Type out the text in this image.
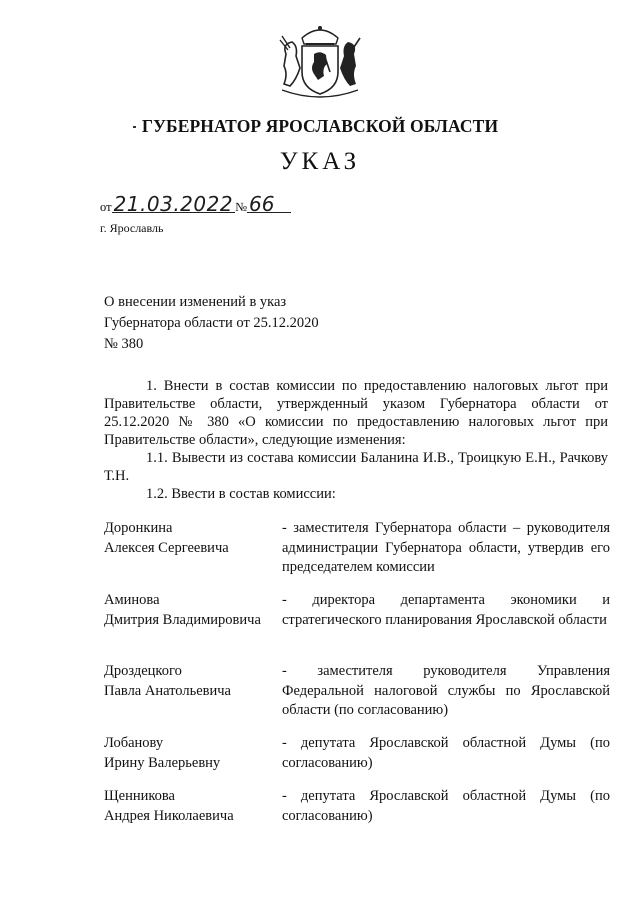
ГУБЕРНАТОР ЯРОСЛАВСКОЙ ОБЛАСТИ
УКАЗ
от 21.03.2022 № 66
г. Ярославль
О внесении изменений в указ
Губернатора области от 25.12.2020
№ 380

1. Внести в состав комиссии по предоставлению налоговых льгот при Правительстве области, утвержденный указом Губернатора области от 25.12.2020 № 380 «О комиссии по предоставлению налоговых льгот при Правительстве области», следующие изменения:

1.1. Вывести из состава комиссии Баланина И.В., Троицкую Е.Н., Рачкову Т.Н.

1.2. Ввести в состав комиссии:

Доронкина
Алексея Сергеевича
- заместителя Губернатора области – руководителя администрации Губернатора области, утвердив его председателем комиссии
Аминова
Дмитрия Владимировича
- директора департамента экономики и стратегического планирования Ярославской области
Дроздецкого
Павла Анатольевича
- заместителя руководителя Управления Федеральной налоговой службы по Ярославской области (по согласованию)
Лобанову
Ирину Валерьевну
- депутата Ярославской областной Думы (по согласованию)
Щенникова
Андрея Николаевича
- депутата Ярославской областной Думы (по согласованию)
